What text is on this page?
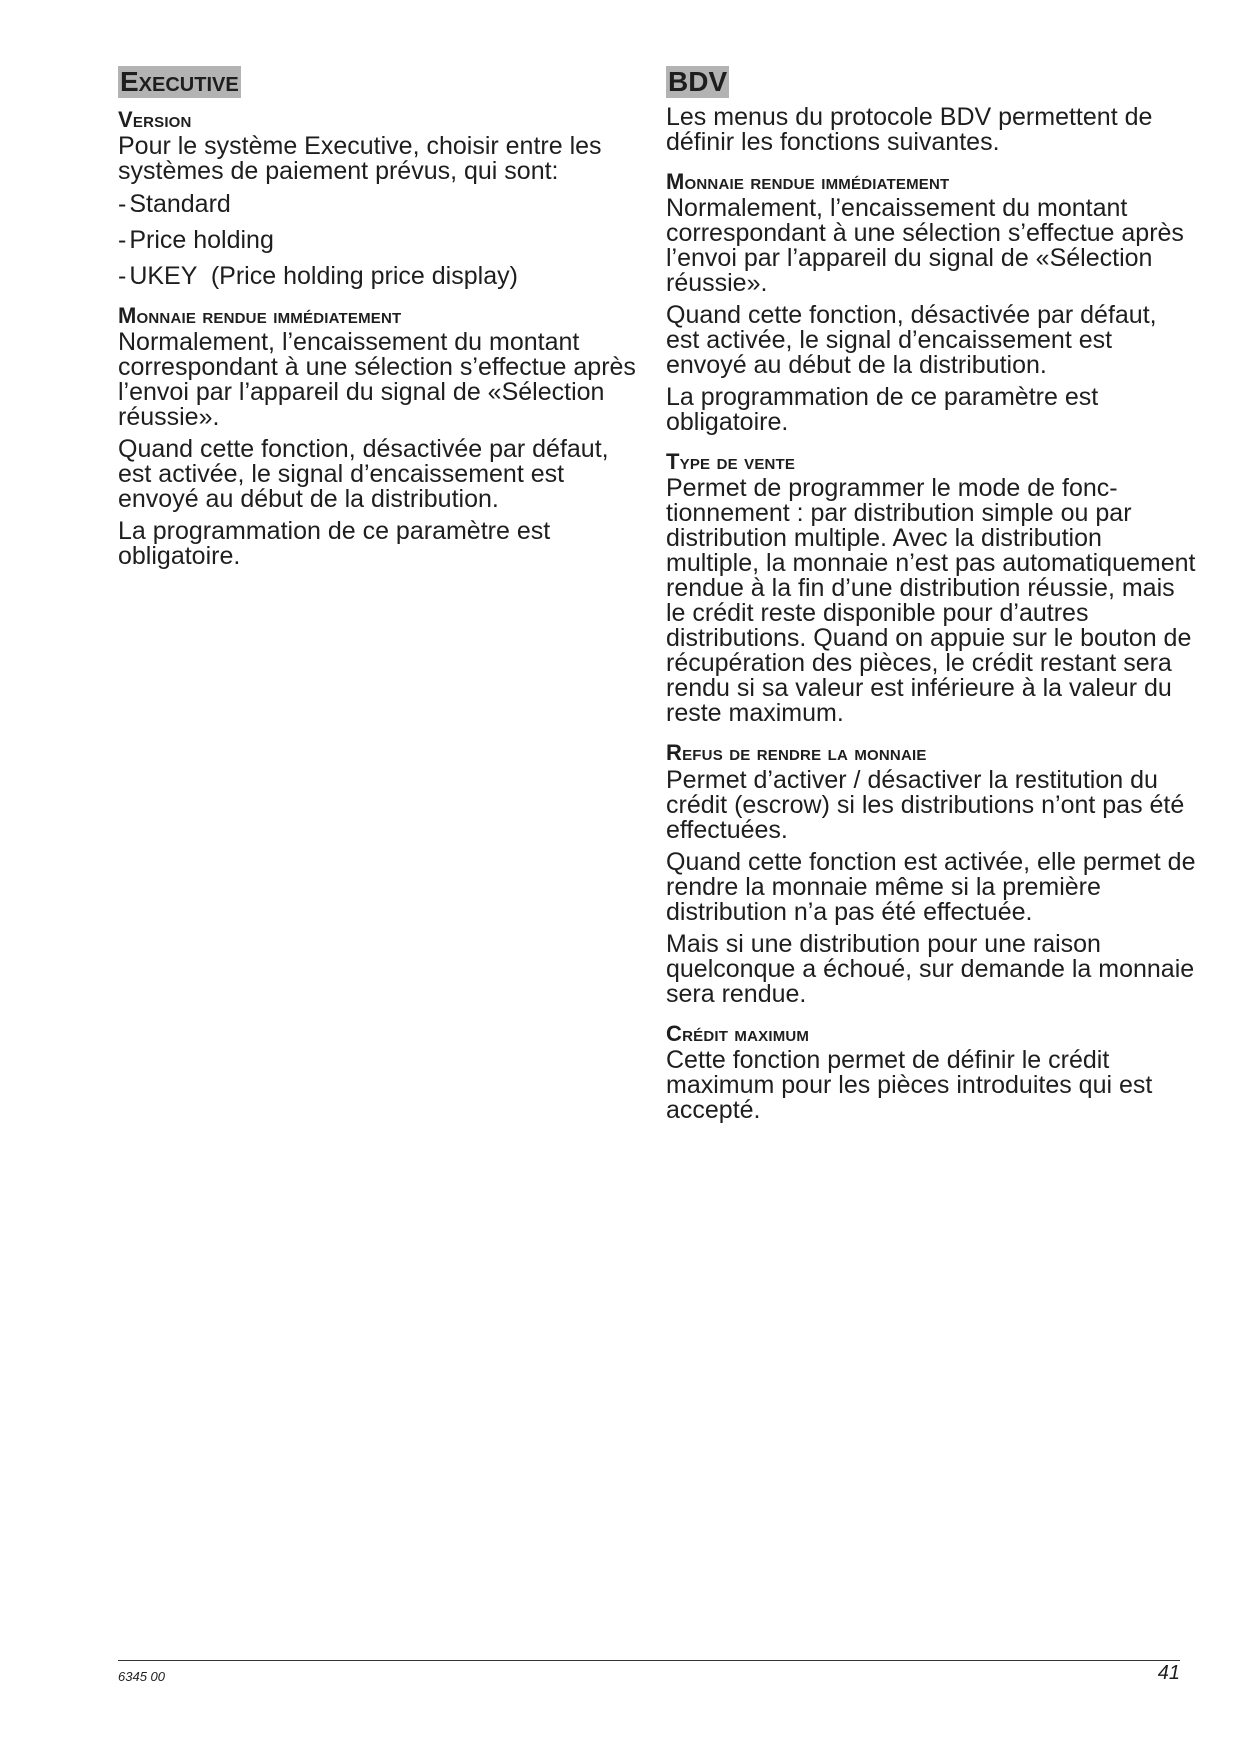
Executive
Version

Pour le système Executive, choisir entre les systèmes de paiement prévus, qui sont:

- Standard
- Price holding
- UKEY  (Price holding price display)
Monnaie rendue immédiatement

Normalement, l’encaissement du montant correspondant à une sélection s’effectue après l’envoi par l’appareil du signal de «Sélection réussie».

Quand cette fonction, désactivée par défaut, est activée, le signal d’encaissement est envoyé au début de la distribution.

La programmation de ce paramètre est obligatoire.

BDV

Les menus du protocole BDV permettent de définir les fonctions suivantes.

Monnaie rendue immédiatement

Normalement, l’encaissement du montant correspondant à une sélection s’effectue après l’envoi par l’appareil du signal de «Sélection réussie».

Quand cette fonction, désactivée par défaut, est activée, le signal d’encaissement est envoyé au début de la distribution.

La programmation de ce paramètre est obligatoire.

Type de vente

Permet de programmer le mode de fonctionnement : par distribution simple ou par distribution multiple. Avec la distribution multiple, la monnaie n’est pas automatiquement rendue à la fin d’une distribution réussie, mais le crédit reste disponible pour d’autres distributions. Quand on appuie sur le bouton de récupération des pièces, le crédit restant sera rendu si sa valeur est inférieure à la valeur du reste maximum.

Refus de rendre la monnaie

Permet d’activer / désactiver la restitution du crédit (escrow) si les distributions n’ont pas été effectuées.

Quand cette fonction est activée, elle permet de rendre la monnaie même si la première distribution n’a pas été effectuée.

Mais si une distribution pour une raison quelconque a échoué, sur demande la monnaie sera rendue.

Crédit maximum

Cette fonction permet de définir le crédit maximum pour les pièces introduites qui est accepté.

6345 00	41
